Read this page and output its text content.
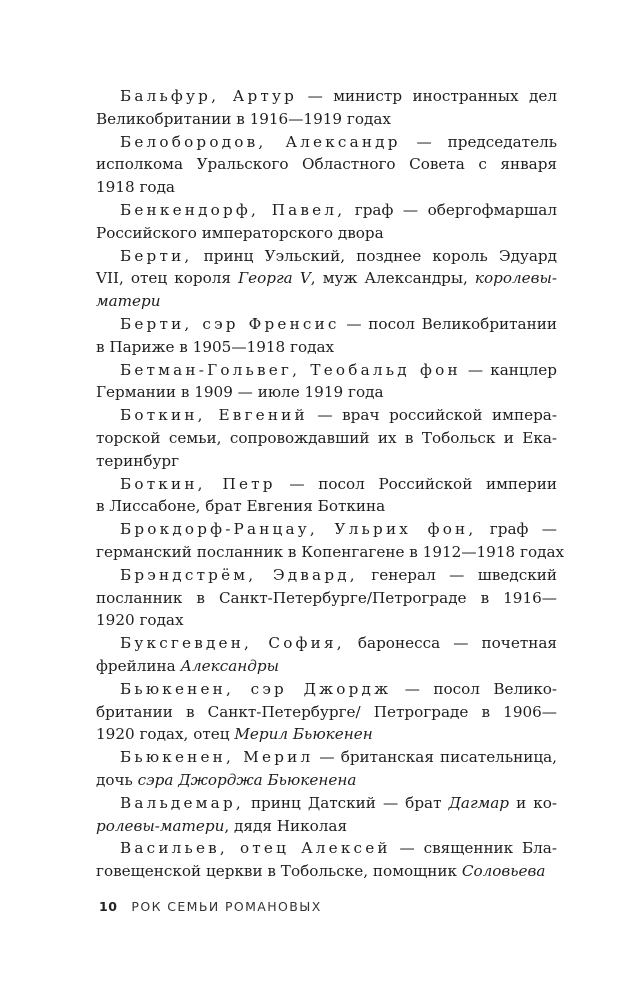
Бальфур, Артур — министр иностранных дел
Великобритании в 1916—1919 годах
Белобородов, Александр — председатель
исполкома Уральского Областного Совета с января
1918 года
Бенкендорф, Павел, граф — обергофмаршал
Российского императорского двора
Берти, принц Уэльский, позднее король Эдуард
VII, отец короля Георга V, муж Александры, королевы-
матери
Берти, сэр Френсис — посол Великобритании
в Париже в 1905—1918 годах
Бетман-Гольвег, Теобальд фон — канцлер
Германии в 1909 — июле 1919 года
Боткин, Евгений — врач российской импера-
торской семьи, сопровождавший их в Тобольск и Ека-
теринбург
Боткин, Петр — посол Российской империи
в Лиссабоне, брат Евгения Боткина
Брокдорф-Ранцау, Ульрих фон, граф —
германский посланник в Копенгагене в 1912—1918 годах
Брэндстрём, Эдвард, генерал — шведский
посланник в Санкт-Петербурге/Петрограде в 1916—
1920 годах
Буксгевден, София, баронесса — почетная
фрейлина Александры
Бьюкенен, сэр Джордж — посол Велико-
британии в Санкт-Петербурге/ Петрограде в 1906—
1920 годах, отец Мерил Бьюкенен
Бьюкенен, Мерил — британская писательница,
дочь сэра Джорджа Бьюкенена
Вальдемар, принц Датский — брат Дагмар и ко-
ролевы-матери, дядя Николая
Васильев, отец Алексей — священник Бла-
говещенской церкви в Тобольске, помощник Соловьева
10 РОК СЕМЬИ РОМАНОВЫХ
